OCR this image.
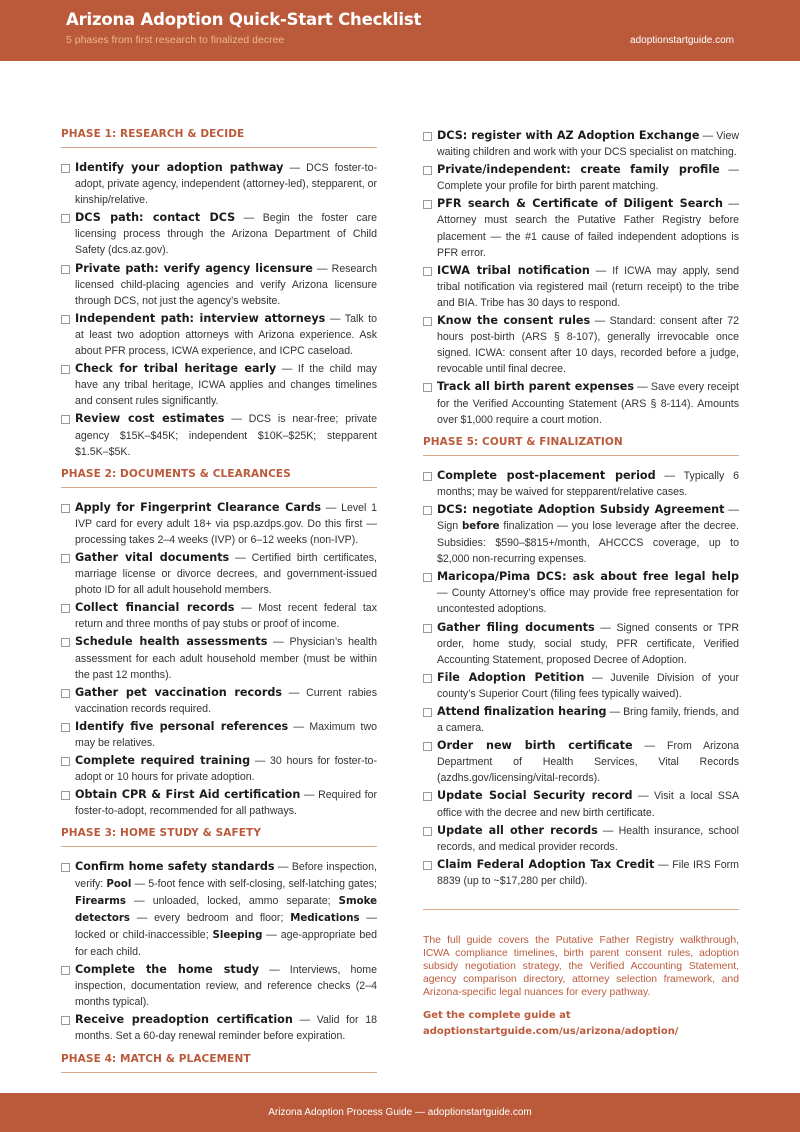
Arizona Adoption Quick-Start Checklist
5 phases from first research to finalized decree	adoptionstartguide.com
PHASE 1: RESEARCH & DECIDE
Identify your adoption pathway — DCS foster-to-adopt, private agency, independent (attorney-led), stepparent, or kinship/relative.
DCS path: contact DCS — Begin the foster care licensing process through the Arizona Department of Child Safety (dcs.az.gov).
Private path: verify agency licensure — Research licensed child-placing agencies and verify Arizona licensure through DCS, not just the agency’s website.
Independent path: interview attorneys — Talk to at least two adoption attorneys with Arizona experience. Ask about PFR process, ICWA experience, and ICPC caseload.
Check for tribal heritage early — If the child may have any tribal heritage, ICWA applies and changes timelines and consent rules significantly.
Review cost estimates — DCS is near-free; private agency $15K–$45K; independent $10K–$25K; stepparent $1.5K–$5K.
PHASE 2: DOCUMENTS & CLEARANCES
Apply for Fingerprint Clearance Cards — Level 1 IVP card for every adult 18+ via psp.azdps.gov. Do this first — processing takes 2–4 weeks (IVP) or 6–12 weeks (non-IVP).
Gather vital documents — Certified birth certificates, marriage license or divorce decrees, and government-issued photo ID for all adult household members.
Collect financial records — Most recent federal tax return and three months of pay stubs or proof of income.
Schedule health assessments — Physician’s health assessment for each adult household member (must be within the past 12 months).
Gather pet vaccination records — Current rabies vaccination records required.
Identify five personal references — Maximum two may be relatives.
Complete required training — 30 hours for foster-to-adopt or 10 hours for private adoption.
Obtain CPR & First Aid certification — Required for foster-to-adopt, recommended for all pathways.
PHASE 3: HOME STUDY & SAFETY
Confirm home safety standards — Before inspection, verify: Pool — 5-foot fence with self-closing, self-latching gates; Firearms — unloaded, locked, ammo separate; Smoke detectors — every bedroom and floor; Medications — locked or child-inaccessible; Sleeping — age-appropriate bed for each child.
Complete the home study — Interviews, home inspection, documentation review, and reference checks (2–4 months typical).
Receive preadoption certification — Valid for 18 months. Set a 60-day renewal reminder before expiration.
PHASE 4: MATCH & PLACEMENT
DCS: register with AZ Adoption Exchange — View waiting children and work with your DCS specialist on matching.
Private/independent: create family profile — Complete your profile for birth parent matching.
PFR search & Certificate of Diligent Search — Attorney must search the Putative Father Registry before placement — the #1 cause of failed independent adoptions is PFR error.
ICWA tribal notification — If ICWA may apply, send tribal notification via registered mail (return receipt) to the tribe and BIA. Tribe has 30 days to respond.
Know the consent rules — Standard: consent after 72 hours post-birth (ARS § 8-107), generally irrevocable once signed. ICWA: consent after 10 days, recorded before a judge, revocable until final decree.
Track all birth parent expenses — Save every receipt for the Verified Accounting Statement (ARS § 8-114). Amounts over $1,000 require a court motion.
PHASE 5: COURT & FINALIZATION
Complete post-placement period — Typically 6 months; may be waived for stepparent/relative cases.
DCS: negotiate Adoption Subsidy Agreement — Sign before finalization — you lose leverage after the decree. Subsidies: $590–$815+/month, AHCCCS coverage, up to $2,000 non-recurring expenses.
Maricopa/Pima DCS: ask about free legal help — County Attorney’s office may provide free representation for uncontested adoptions.
Gather filing documents — Signed consents or TPR order, home study, social study, PFR certificate, Verified Accounting Statement, proposed Decree of Adoption.
File Adoption Petition — Juvenile Division of your county’s Superior Court (filing fees typically waived).
Attend finalization hearing — Bring family, friends, and a camera.
Order new birth certificate — From Arizona Department of Health Services, Vital Records (azdhs.gov/licensing/vital-records).
Update Social Security record — Visit a local SSA office with the decree and new birth certificate.
Update all other records — Health insurance, school records, and medical provider records.
Claim Federal Adoption Tax Credit — File IRS Form 8839 (up to ~$17,280 per child).
The full guide covers the Putative Father Registry walkthrough, ICWA compliance timelines, birth parent consent rules, adoption subsidy negotiation strategy, the Verified Accounting Statement, agency comparison directory, attorney selection framework, and Arizona-specific legal nuances for every pathway.
Get the complete guide at
adoptionstartguide.com/us/arizona/adoption/
Arizona Adoption Process Guide — adoptionstartguide.com
